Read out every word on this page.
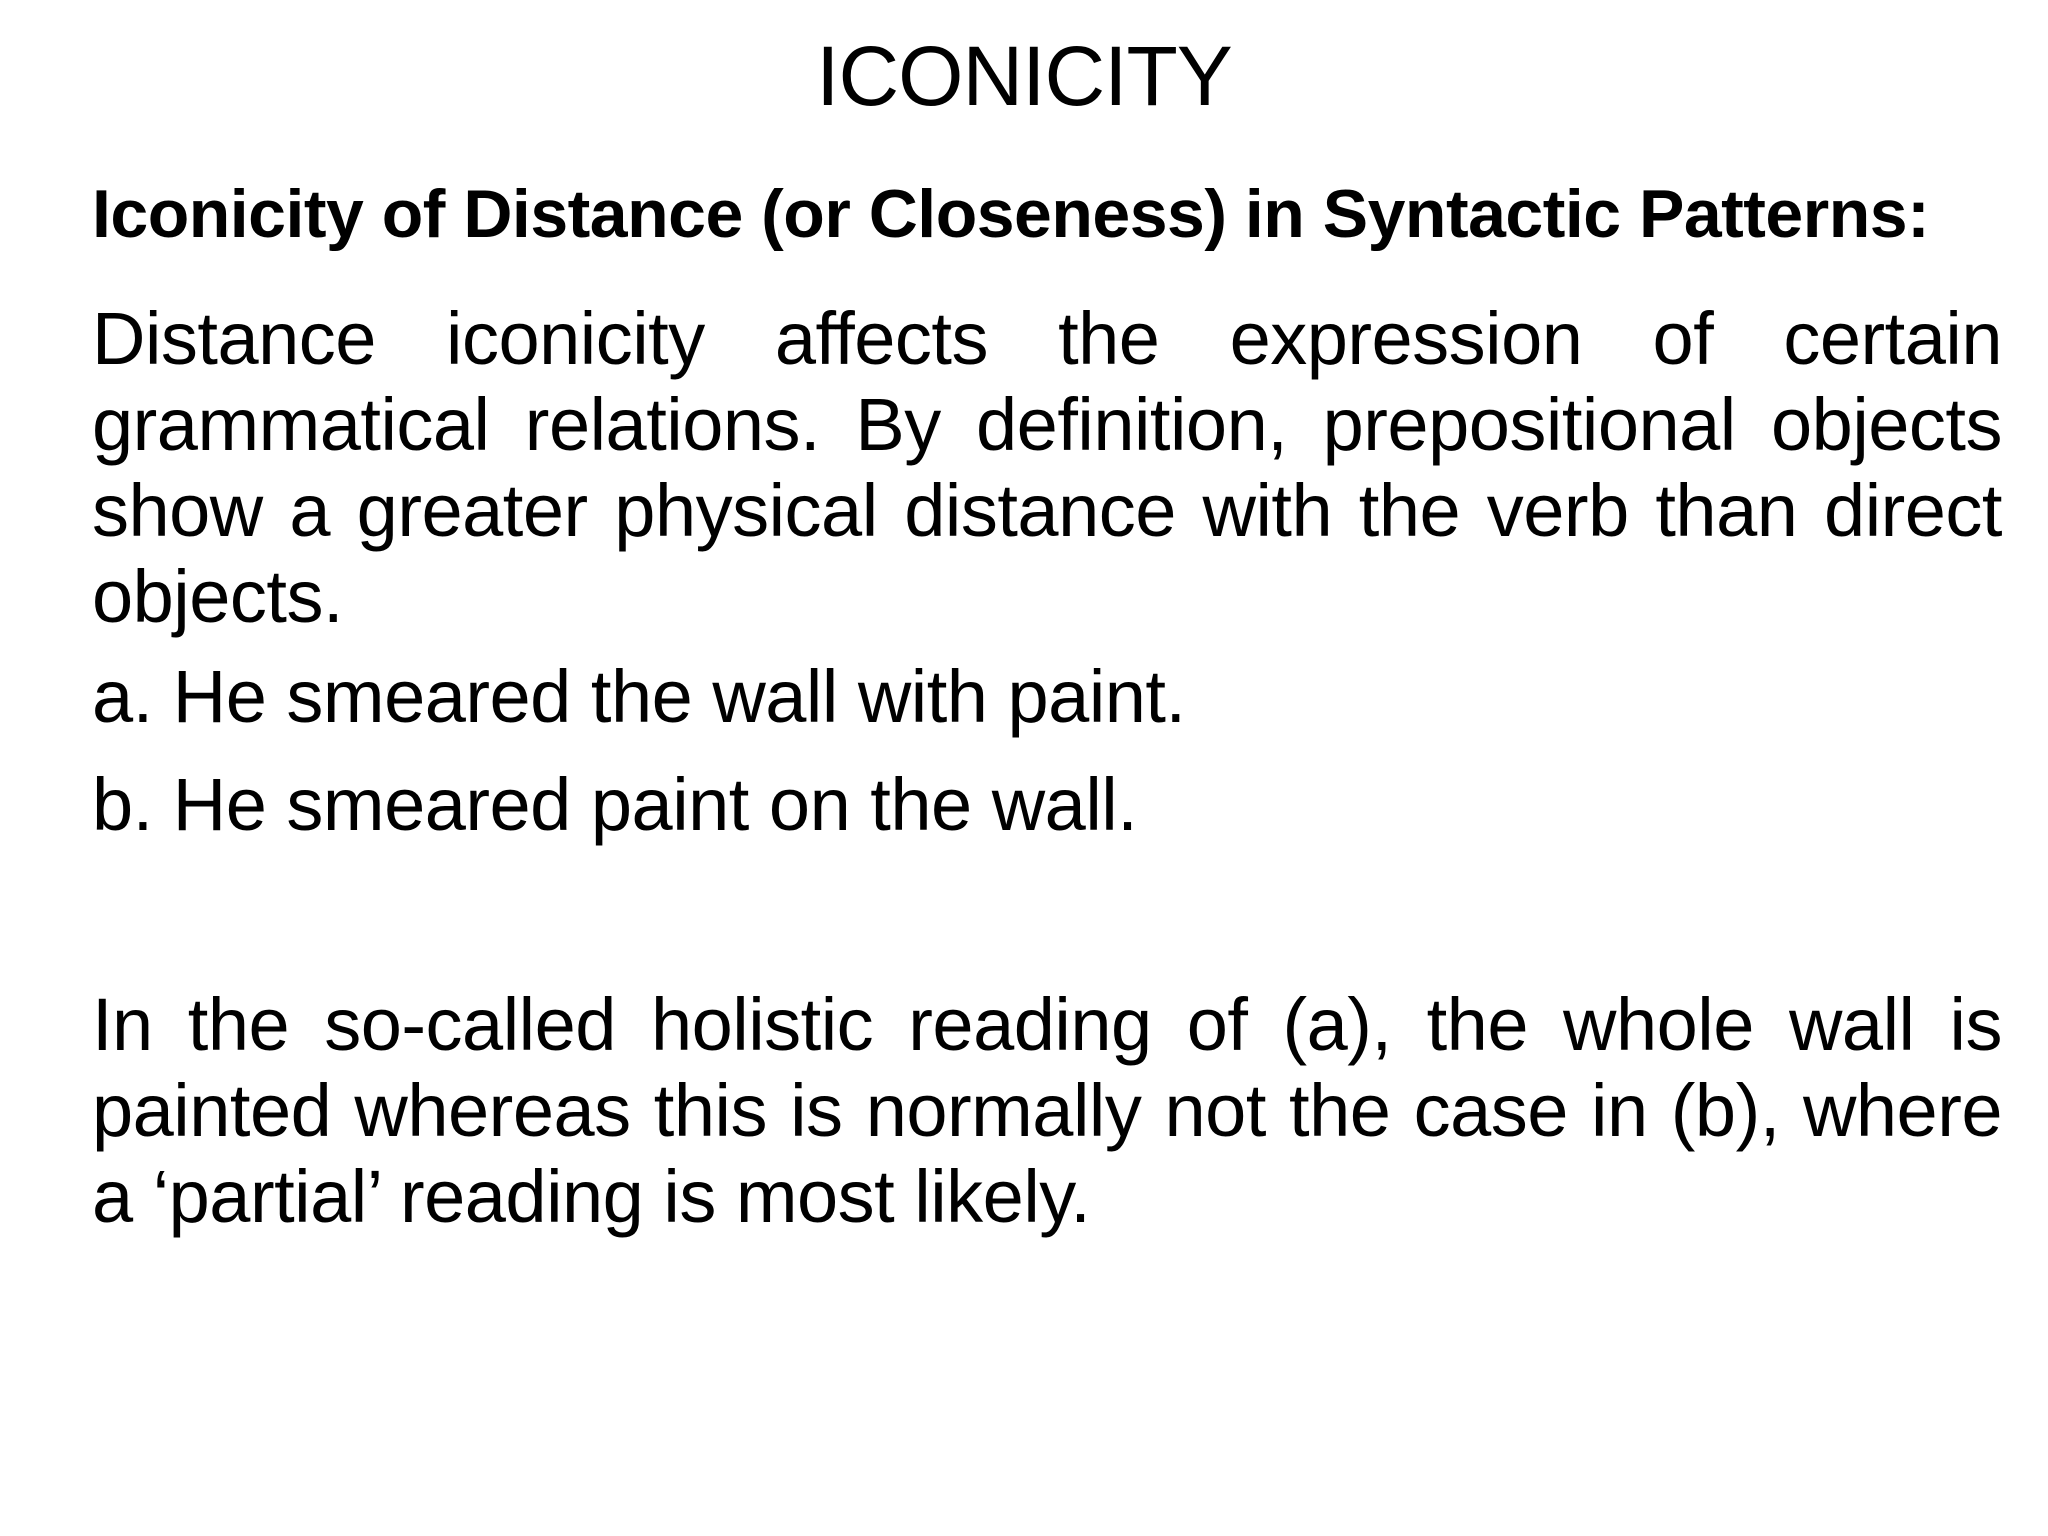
ICONICITY

Iconicity of Distance (or Closeness) in Syntactic Patterns:

Distance iconicity affects the expression of certain grammatical relations. By definition, prepositional objects show a greater physical distance with the verb than direct objects.

a. He smeared the wall with paint.

b. He smeared paint on the wall.

In the so-called holistic reading of (a), the whole wall is painted whereas this is normally not the case in (b), where a ‘partial’ reading is most likely.
